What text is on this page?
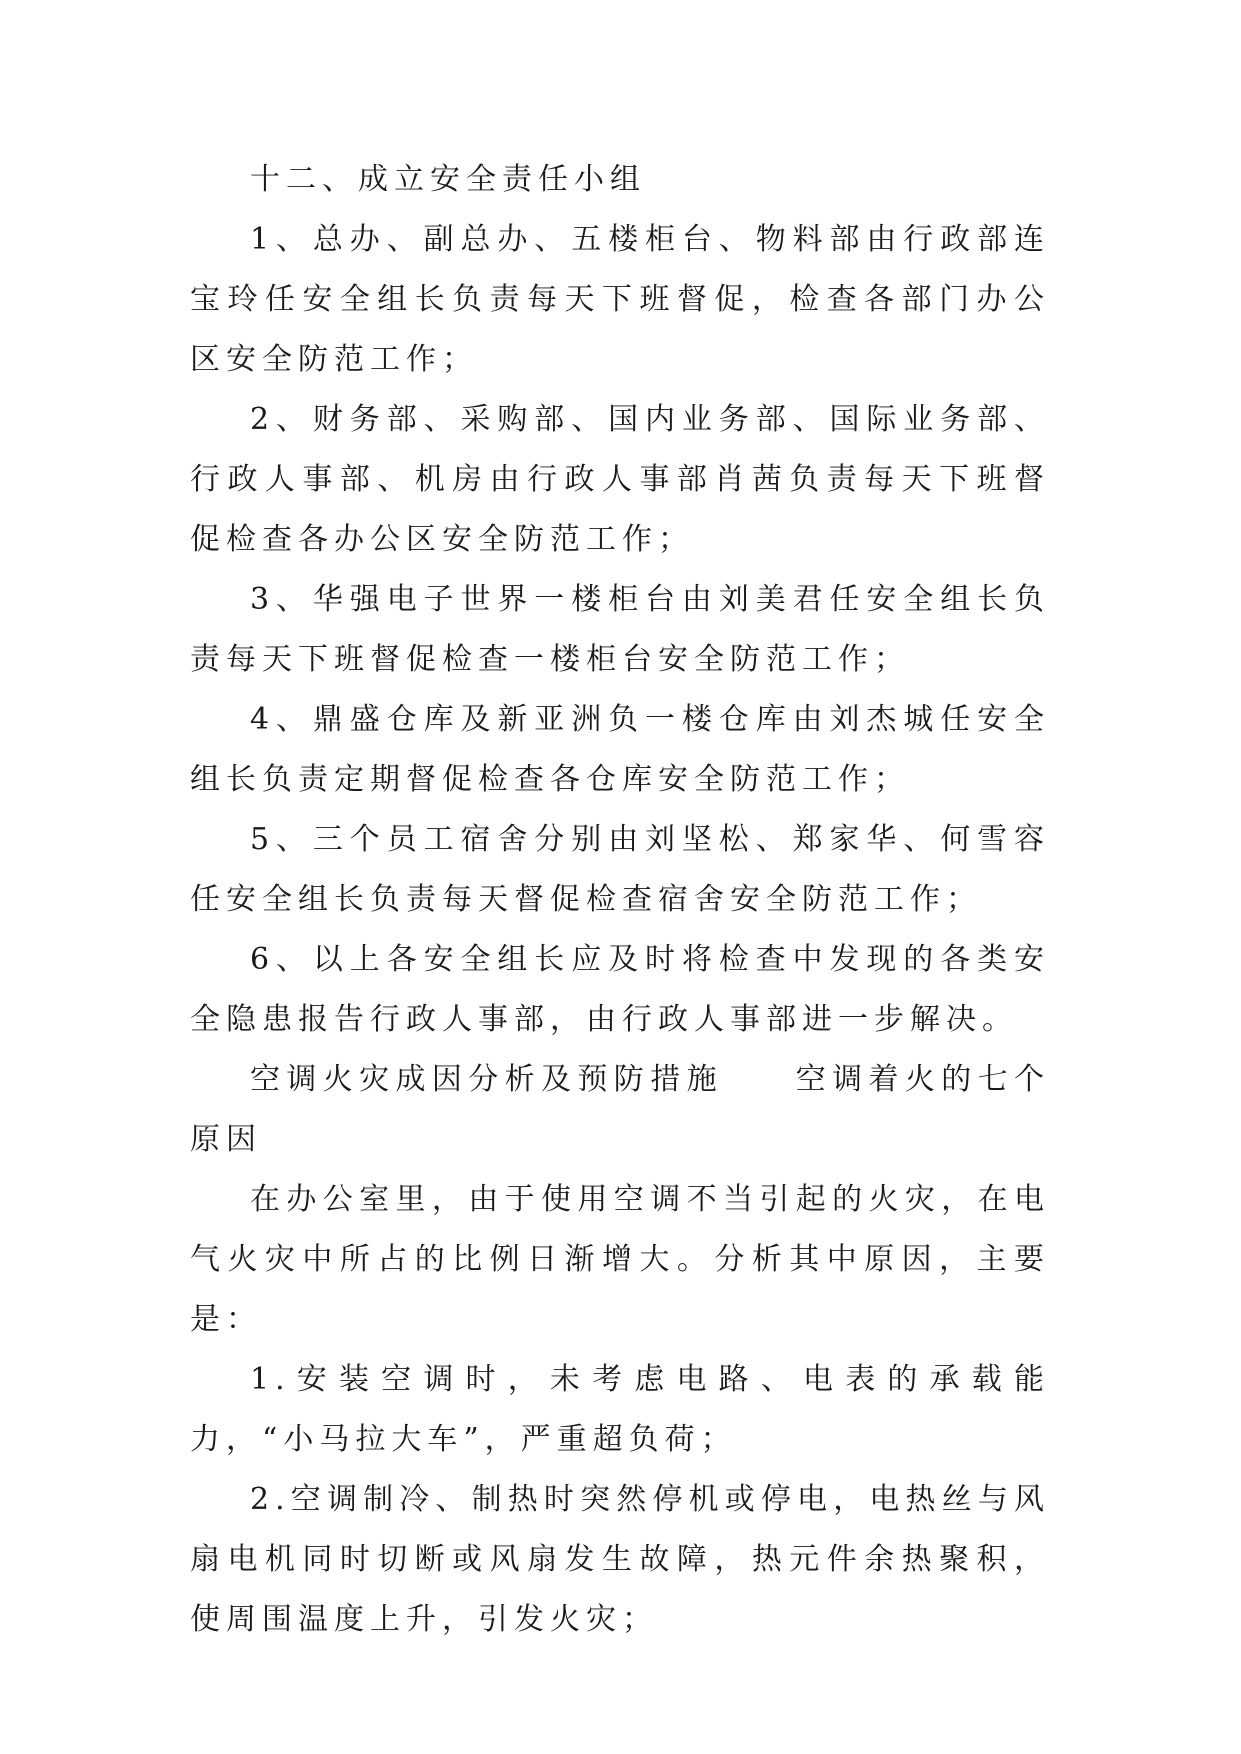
十二、成立安全责任小组

1、总办、副总办、五楼柜台、物料部由行政部连宝玲任安全组长负责每天下班督促，检查各部门办公区安全防范工作；

2、财务部、采购部、国内业务部、国际业务部、行政人事部、机房由行政人事部肖茜负责每天下班督促检查各办公区安全防范工作；

3、华强电子世界一楼柜台由刘美君任安全组长负责每天下班督促检查一楼柜台安全防范工作；

4、鼎盛仓库及新亚洲负一楼仓库由刘杰城任安全组长负责定期督促检查各仓库安全防范工作；

5、三个员工宿舍分别由刘坚松、郑家华、何雪容任安全组长负责每天督促检查宿舍安全防范工作；

6、以上各安全组长应及时将检查中发现的各类安全隐患报告行政人事部，由行政人事部进一步解决。

空调火灾成因分析及预防措施　　空调着火的七个原因

在办公室里，由于使用空调不当引起的火灾，在电气火灾中所占的比例日渐增大。分析其中原因，主要是：

1.安装空调时，未考虑电路、电表的承载能力，“小马拉大车”，严重超负荷；

2.空调制冷、制热时突然停机或停电，电热丝与风扇电机同时切断或风扇发生故障，热元件余热聚积，使周围温度上升，引发火灾；
